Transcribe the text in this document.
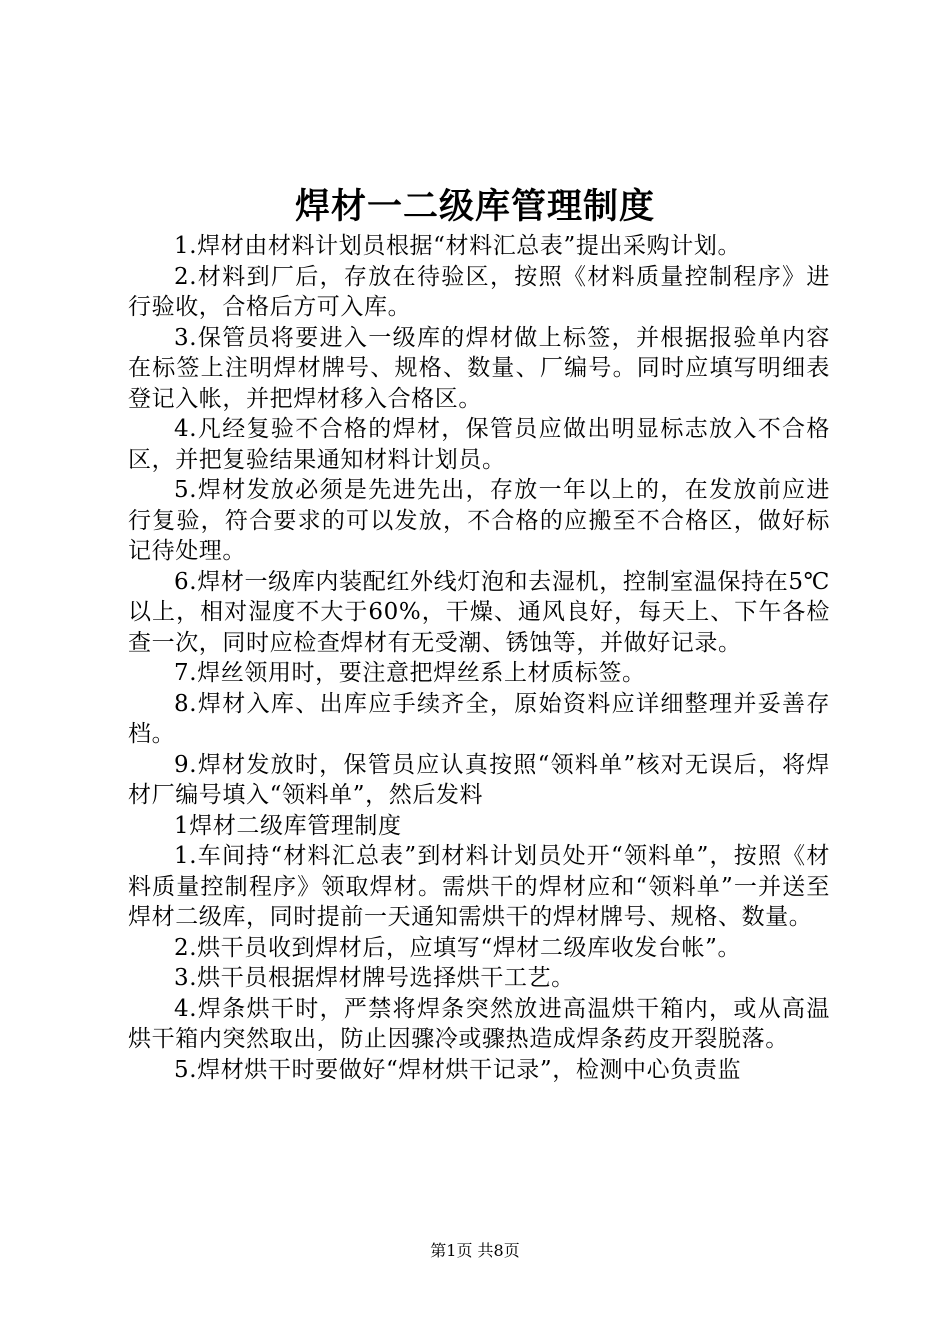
焊材一二级库管理制度

1.焊材由材料计划员根据“材料汇总表”提出采购计划。

2.材料到厂后，存放在待验区，按照《材料质量控制程序》进行验收，合格后方可入库。

3.保管员将要进入一级库的焊材做上标签，并根据报验单内容在标签上注明焊材牌号、规格、数量、厂编号。同时应填写明细表登记入帐，并把焊材移入合格区。

4.凡经复验不合格的焊材，保管员应做出明显标志放入不合格区，并把复验结果通知材料计划员。

5.焊材发放必须是先进先出，存放一年以上的，在发放前应进行复验，符合要求的可以发放，不合格的应搬至不合格区，做好标记待处理。

6.焊材一级库内装配红外线灯泡和去湿机，控制室温保持在5℃以上，相对湿度不大于60%，干燥、通风良好，每天上、下午各检查一次，同时应检查焊材有无受潮、锈蚀等，并做好记录。

7.焊丝领用时，要注意把焊丝系上材质标签。

8.焊材入库、出库应手续齐全，原始资料应详细整理并妥善存档。

9.焊材发放时，保管员应认真按照“领料单”核对无误后，将焊材厂编号填入“领料单”，然后发料

1焊材二级库管理制度

1.车间持“材料汇总表”到材料计划员处开“领料单”，按照《材料质量控制程序》领取焊材。需烘干的焊材应和“领料单”一并送至焊材二级库，同时提前一天通知需烘干的焊材牌号、规格、数量。

2.烘干员收到焊材后，应填写“焊材二级库收发台帐”。

3.烘干员根据焊材牌号选择烘干工艺。

4.焊条烘干时，严禁将焊条突然放进高温烘干箱内，或从高温烘干箱内突然取出，防止因骤冷或骤热造成焊条药皮开裂脱落。

5.焊材烘干时要做好“焊材烘干记录”，检测中心负责监

第1页 共8页
